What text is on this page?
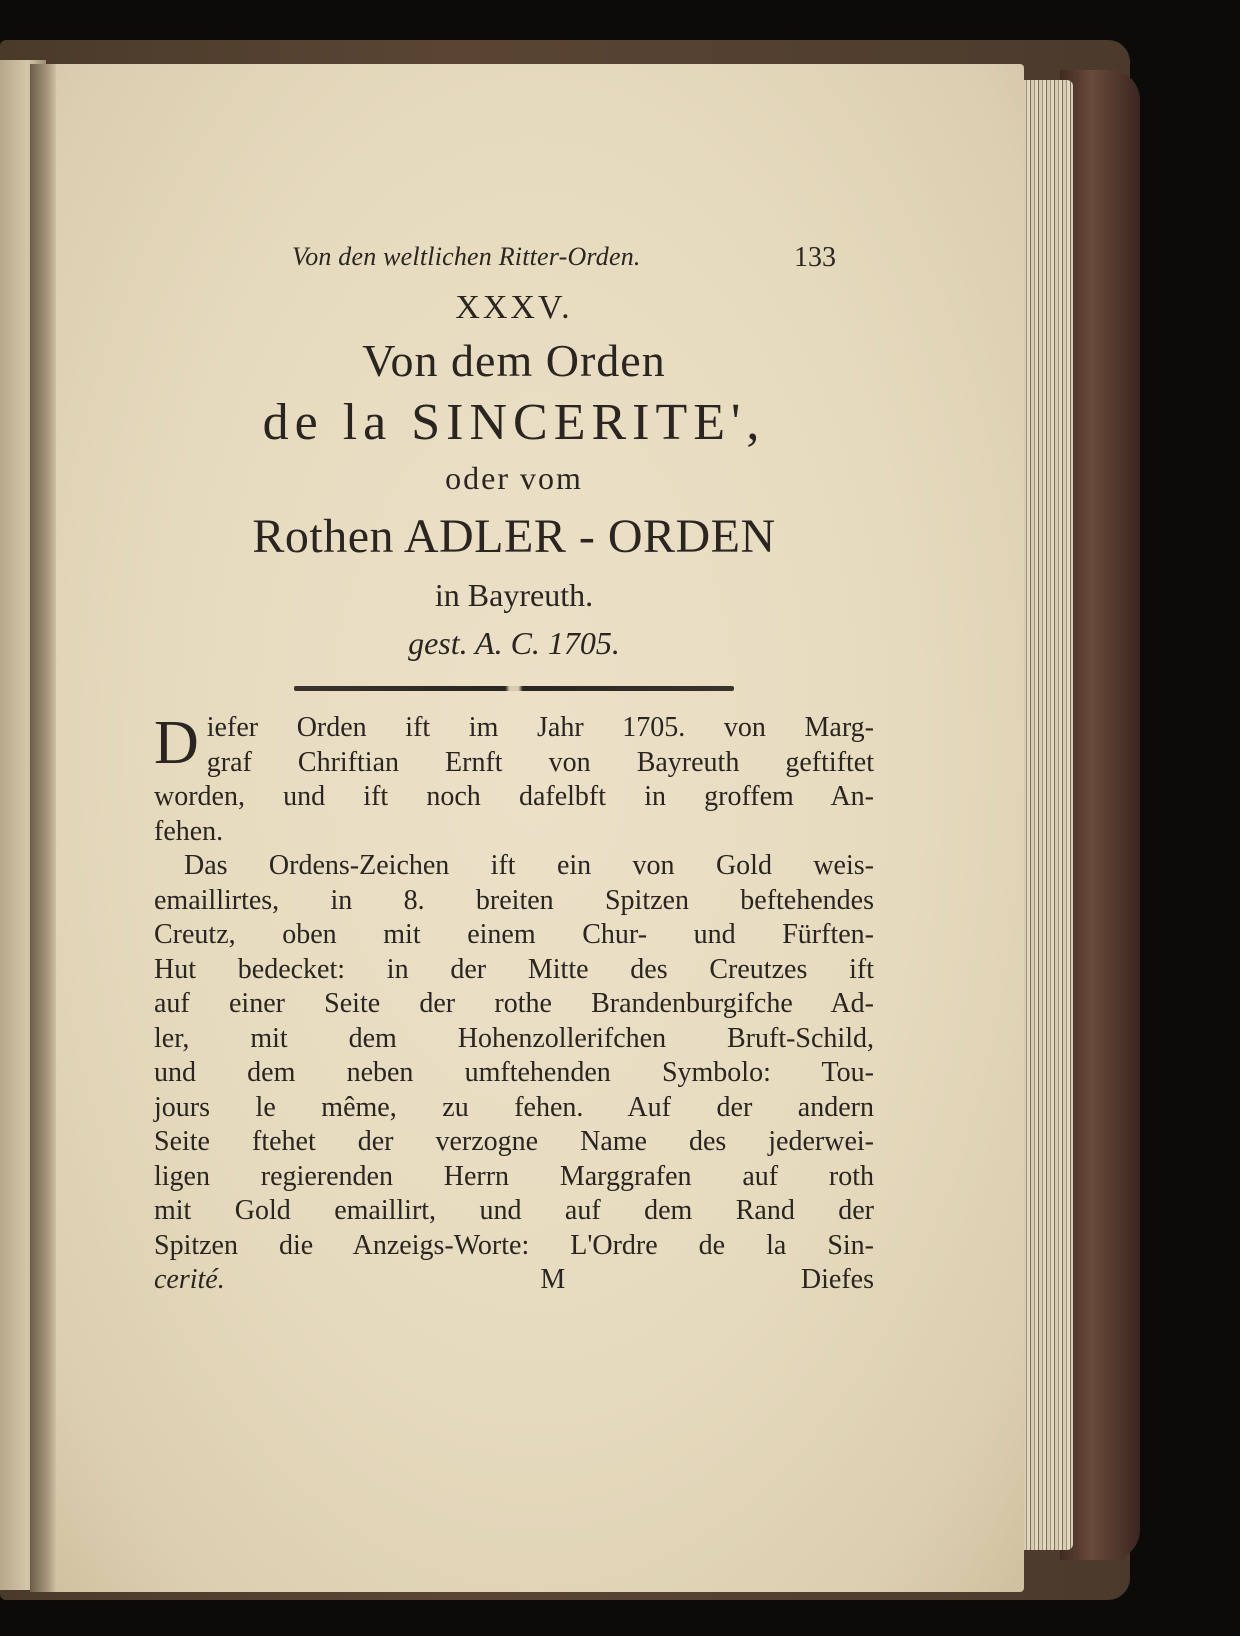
Von den weltlichen Ritter-Orden.	133
XXXV.
Von dem Orden
de la SINCERITE',
oder vom
Rothen ADLER - ORDEN
in Bayreuth.
gest. A. C. 1705.
D iefer Orden ift im Jahr 1705. von Marg-
graf Chriftian Ernft von Bayreuth geftiftet
worden, und ift noch dafelbft in groffem An-
fehen.
Das Ordens-Zeichen ift ein von Gold weis-
emaillirtes, in 8. breiten Spitzen beftehendes
Creutz, oben mit einem Chur- und Fürften-
Hut bedecket: in der Mitte des Creutzes ift
auf einer Seite der rothe Brandenburgifche Ad-
ler, mit dem Hohenzollerifchen Bruft-Schild,
und dem neben umftehenden Symbolo: Tou-
jours le même, zu fehen. Auf der andern
Seite ftehet der verzogne Name des jederwei-
ligen regierenden Herrn Marggrafen auf roth
mit Gold emaillirt, und auf dem Rand der
Spitzen die Anzeigs-Worte: L'Ordre de la Sin-
cerité.	M	Diefes
